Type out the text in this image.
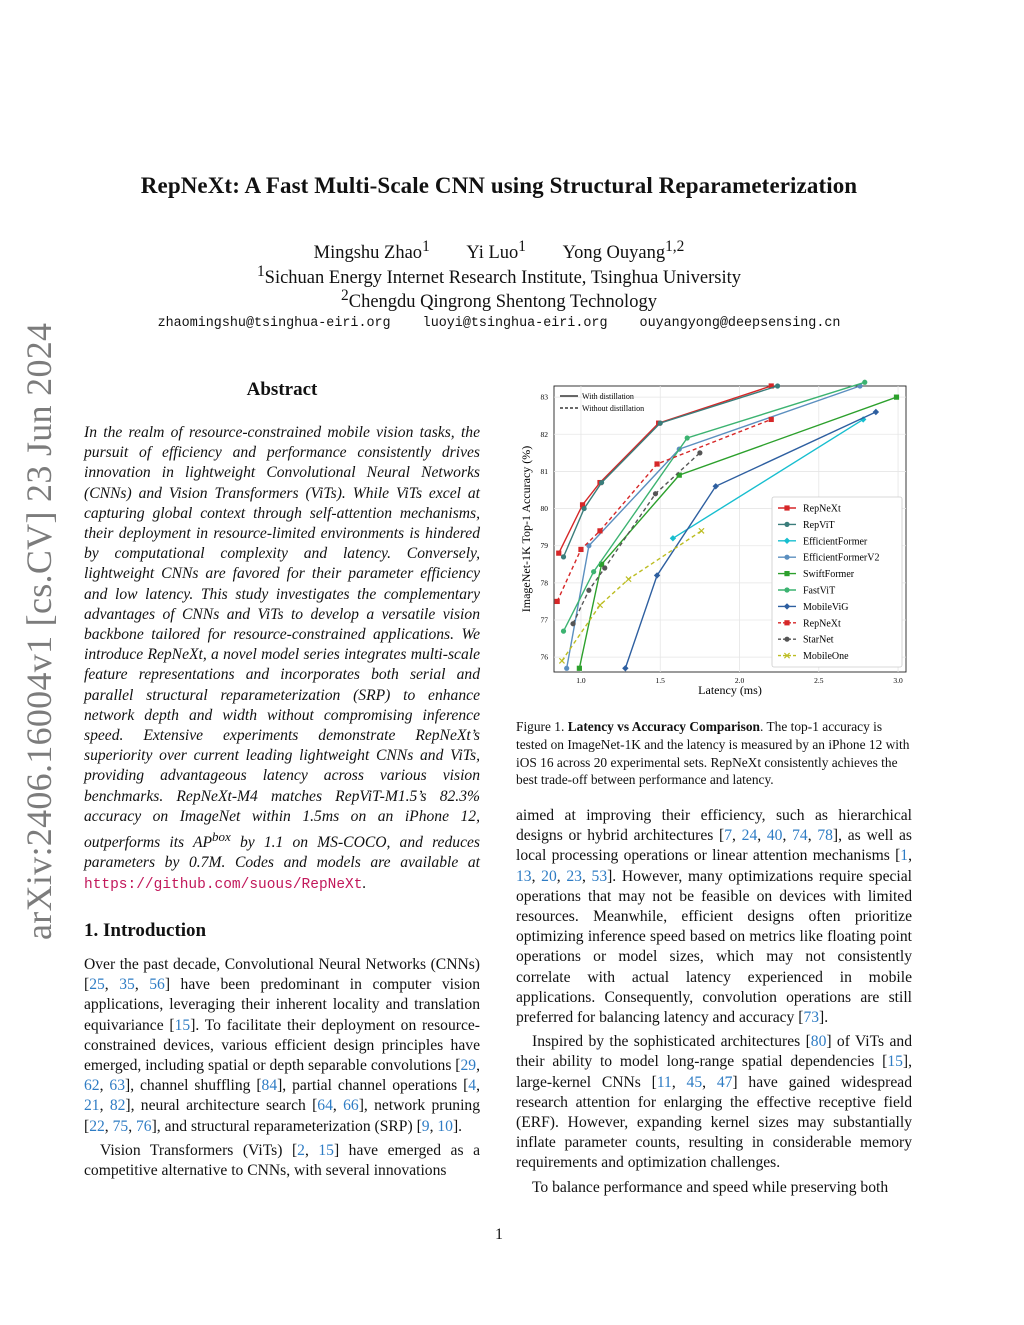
RepNeXt: A Fast Multi-Scale CNN using Structural Reparameterization
Mingshu Zhao$^1$ Yi Luo$^1$ Yong Ouyang$^{1,2}$
$^1$Sichuan Energy Internet Research Institute, Tsinghua University
$^2$Chengdu Qingrong Shentong Technology
zhaomingshu@tsinghua-eiri.org luoyi@tsinghua-eiri.org ouyangyong@deepsensing.cn
arXiv:2406.16004v1 [cs.CV] 23 Jun 2024	Abstract
In the realm of resource-constrained mobile vision tasks, the pursuit of efficiency and performance consistently drives innovation in lightweight Convolutional Neural Networks (CNNs) and Vision Transformers (ViTs). While ViTs excel at capturing global context through self-attention mechanisms, their deployment in resource-limited environments is hindered by computational complexity and latency. Conversely, lightweight CNNs are favored for their parameter efficiency and low latency. This study investigates the complementary advantages of CNNs and ViTs to develop a versatile vision backbone tailored for resource-constrained applications. We introduce RepNeXt, a novel model series integrates multi-scale feature representations and incorporates both serial and parallel structural reparameterization (SRP) to enhance network depth and width without compromising inference speed. Extensive experiments demonstrate RepNeXt’s superiority over current leading lightweight CNNs and ViTs, providing advantageous latency across various vision benchmarks. RepNeXt-M4 matches RepViT-M1.5’s 82.3% accuracy on ImageNet within 1.5ms on an iPhone 12, outperforms its $AP^{box}$ by 1.1 on MS-COCO, and reduces parameters by 0.7M. Codes and models are available at https://github.com/suous/RepNeXt.
1. Introduction

Over the past decade, Convolutional Neural Networks (CNNs) [25, 35, 56] have been predominant in computer vision applications, leveraging their inherent locality and translation equivariance [15]. To facilitate their deployment on resource-constrained devices, various efficient design principles have emerged, including spatial or depth separable convolutions [29, 62, 63], channel shuffling [84], partial channel operations [4, 21, 82], neural architecture search [64, 66], network pruning [22, 75, 76], and structural reparameterization (SRP) [9, 10].

Vision Transformers (ViTs) [2, 15] have emerged as a competitive alternative to CNNs, with several innovations

1.0	1.5	2.0	2.5	3.0
76
77
78
79
80
81
82
83	With distillation
Without distillation
RepNeXt
RepViT
EfficientFormer
EfficientFormerV2
SwiftFormer
FastViT
MobileViG
RepNeXt
StarNet
MobileOne
Latency (ms)
ImageNet-1K Top-1 Accuracy (%)
Figure 1. Latency vs Accuracy Comparison. The top-1 accuracy is tested on ImageNet-1K and the latency is measured by an iPhone 12 with iOS 16 across 20 experimental sets. RepNeXt consistently achieves the best trade-off between performance and latency.

aimed at improving their efficiency, such as hierarchical designs or hybrid architectures [7, 24, 40, 74, 78], as well as local processing operations or linear attention mechanisms [1, 13, 20, 23, 53]. However, many optimizations require special operations that may not be feasible on devices with limited resources. Meanwhile, efficient designs often prioritize optimizing inference speed based on metrics like floating point operations or model sizes, which may not consistently correlate with actual latency experienced in mobile applications. Consequently, convolution operations are still preferred for balancing latency and accuracy [73].

Inspired by the sophisticated architectures [80] of ViTs and their ability to model long-range spatial dependencies [15], large-kernel CNNs [11, 45, 47] have gained widespread research attention for enlarging the effective receptive field (ERF). However, expanding kernel sizes may substantially inflate parameter counts, resulting in considerable memory requirements and optimization challenges.

To balance performance and speed while preserving both

1
